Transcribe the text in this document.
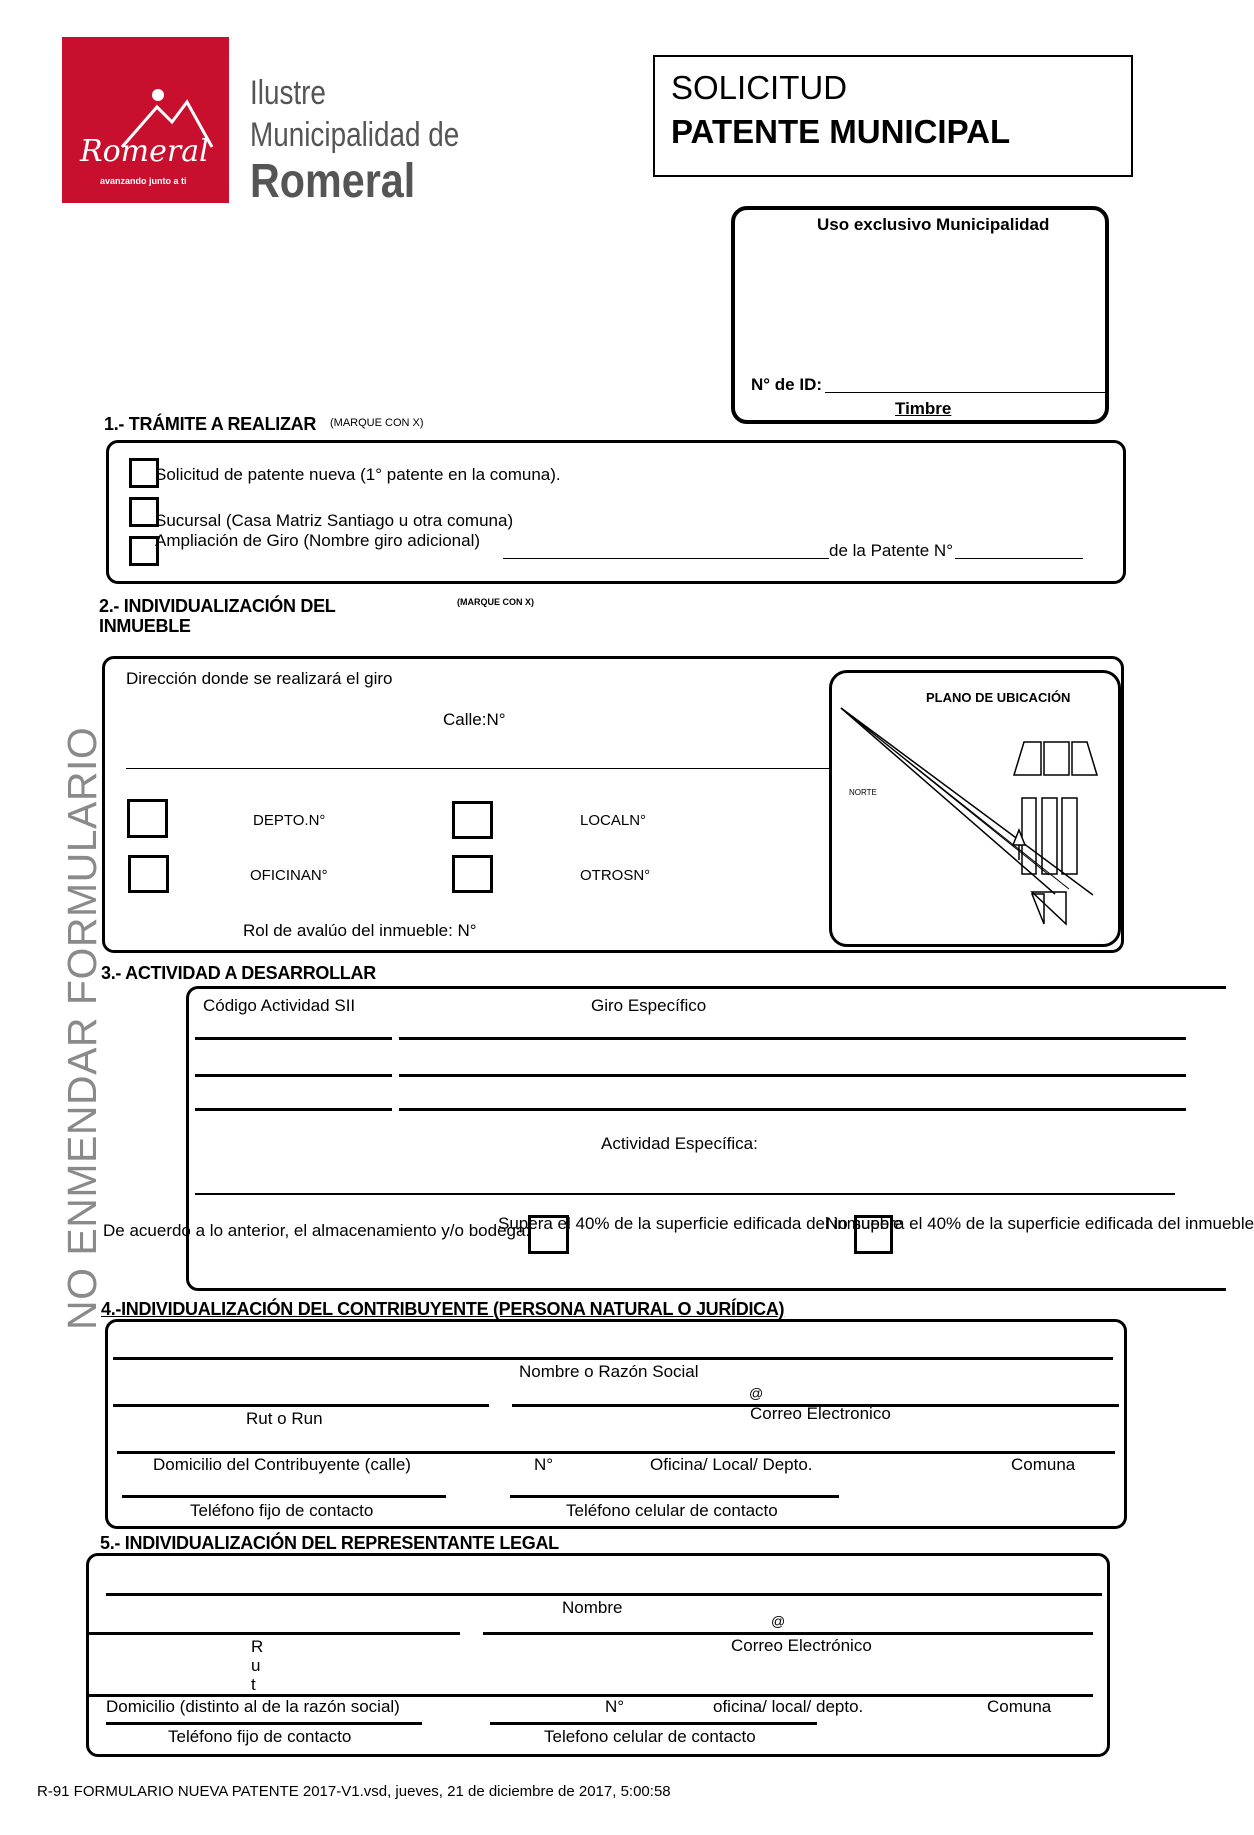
Romeral
avanzando junto a ti
Ilustre
Municipalidad de
Romeral
SOLICITUD
PATENTE MUNICIPAL
Uso exclusivo Municipalidad
N° de ID:
Timbre
NO ENMENDAR FORMULARIO
1.- TRÁMITE A REALIZAR (MARQUE CON X)
Solicitud de patente nueva (1° patente en la comuna).
Sucursal (Casa Matriz Santiago u otra comuna)
Ampliación de Giro (Nombre giro adicional)
de la Patente N°
2.- INDIVIDUALIZACIÓN DEL
INMUEBLE
(MARQUE CON X)
Dirección donde se realizará el giro
Calle:N°
DEPTO.N°	LOCALN°
OFICINAN°	OTROSN°
Rol de avalúo del inmueble: N°
PLANO DE UBICACIÓN
NORTE
3.- ACTIVIDAD A DESARROLLAR
Código Actividad SII	Giro Específico
Actividad Específica:
De acuerdo a lo anterior, el almacenamiento y/o bodega:
Supera el 40% de la superficie edificada del inmueble
No supera el 40% de la superficie edificada del inmueble
4.-INDIVIDUALIZACIÓN DEL CONTRIBUYENTE (PERSONA NATURAL O JURÍDICA)
Nombre o Razón Social
@
Rut o Run	Correo Electronico
Domicilio del Contribuyente (calle)	N°	Oficina/ Local/ Depto.	Comuna
Teléfono fijo de contacto	Teléfono celular de contacto
5.- INDIVIDUALIZACIÓN DEL REPRESENTANTE LEGAL
Nombre
@
R
u
t
Correo Electrónico
Domicilio (distinto al de la razón social)	N°	oficina/ local/ depto.	Comuna
Teléfono fijo de contacto	Telefono celular de contacto
R-91 FORMULARIO NUEVA PATENTE 2017-V1.vsd, jueves, 21 de diciembre de 2017, 5:00:58
